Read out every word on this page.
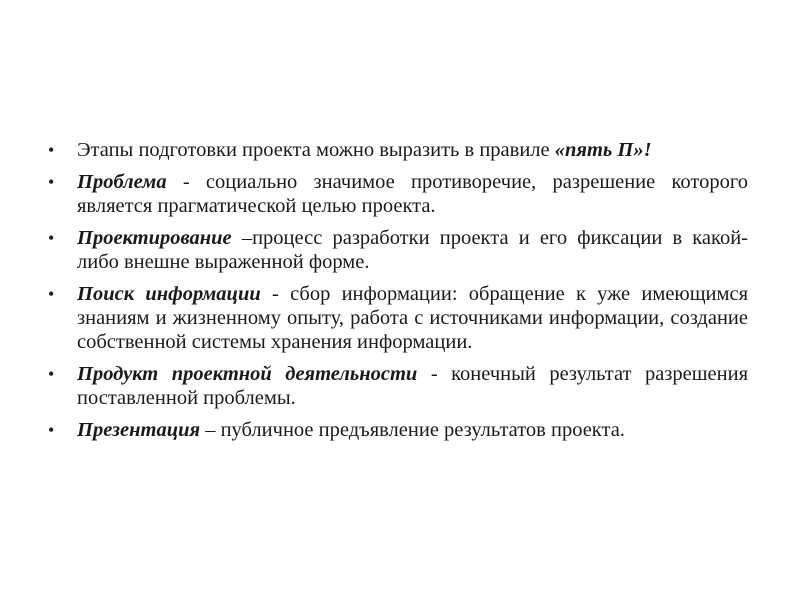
•	Этапы подготовки проекта можно выразить в правиле «пять П»!
•	Проблема - социально значимое противоречие, разрешение которого является прагматической целью проекта.
•	Проектирование –процесс разработки проекта и его фиксации в какой- либо внешне выраженной форме.
•	Поиск информации - сбор информации: обращение к уже имеющимся знаниям и жизненному опыту, работа с источниками информации, создание собственной системы хранения информации.
•	Продукт проектной деятельности - конечный результат разрешения поставленной проблемы.
•	Презентация – публичное предъявление результатов проекта.
